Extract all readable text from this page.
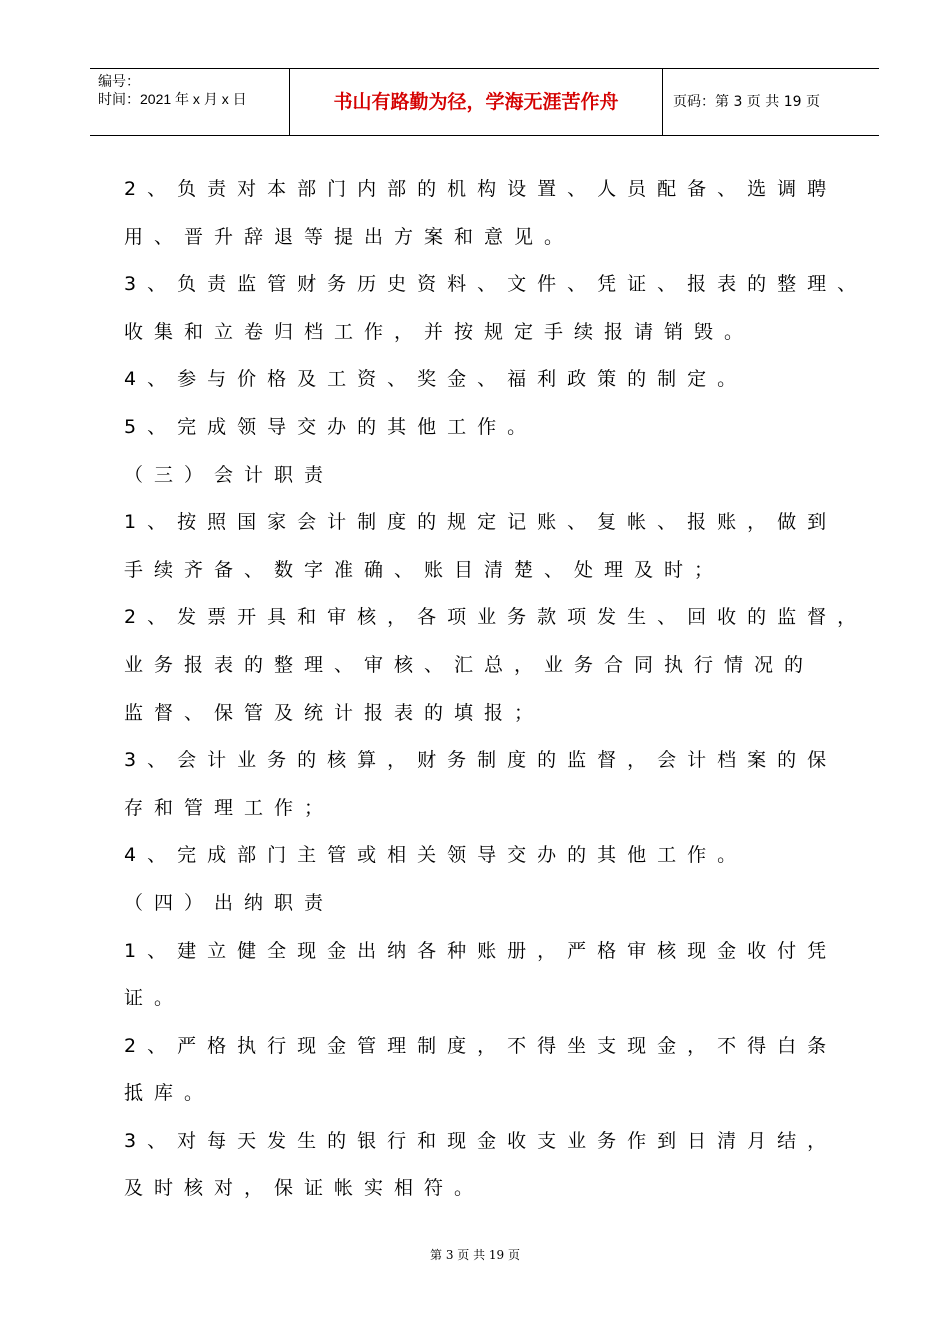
编号：
时间：2021 年 x 月 x 日	书山有路勤为径，学海无涯苦作舟	页码：第 3 页 共 19 页
2、负责对本部门内部的机构设置、人员配备、选调聘
用、晋升辞退等提出方案和意见。
3、负责监管财务历史资料、文件、凭证、报表的整理、
收集和立卷归档工作，并按规定手续报请销毁。
4、参与价格及工资、奖金、福利政策的制定。
5、完成领导交办的其他工作。
（三）会计职责
1、按照国家会计制度的规定记账、复帐、报账，做到
手续齐备、数字准确、账目清楚、处理及时；
2、发票开具和审核，各项业务款项发生、回收的监督，
业务报表的整理、审核、汇总，业务合同执行情况的
监督、保管及统计报表的填报；
3、会计业务的核算，财务制度的监督，会计档案的保
存和管理工作；
4、完成部门主管或相关领导交办的其他工作。
（四）出纳职责
1、建立健全现金出纳各种账册，严格审核现金收付凭
证。
2、严格执行现金管理制度，不得坐支现金，不得白条
抵库。
3、对每天发生的银行和现金收支业务作到日清月结，
及时核对，保证帐实相符。
第 3 页 共 19 页
